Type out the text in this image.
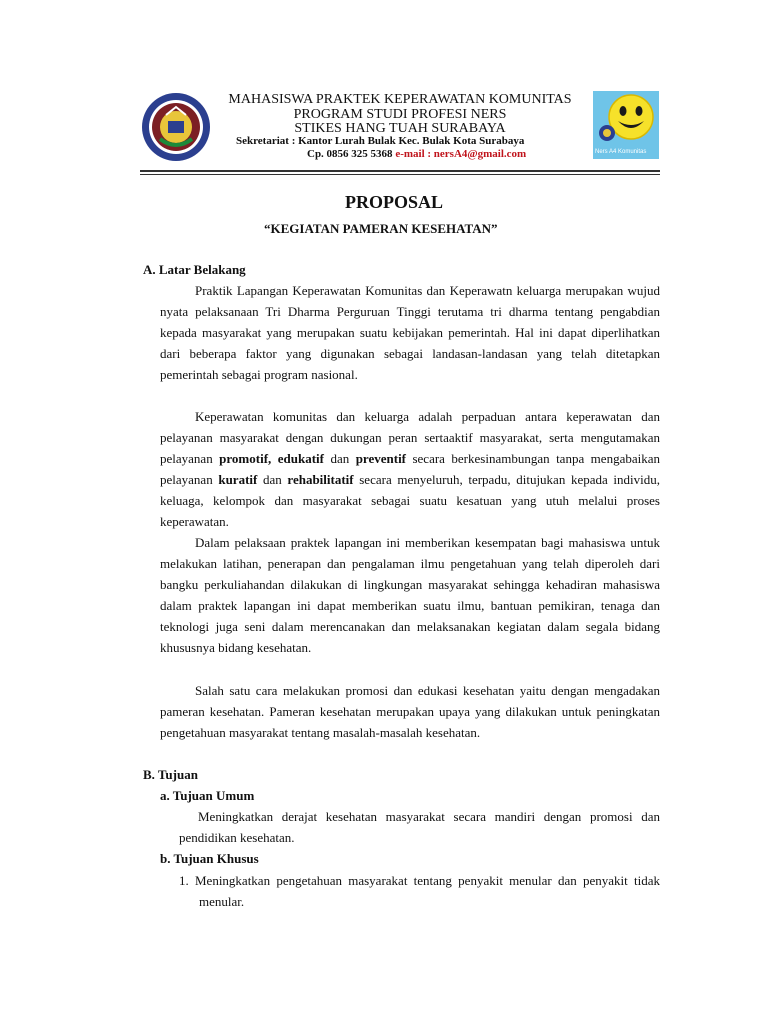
MAHASISWA PRAKTEK KEPERAWATAN KOMUNITAS
PROGRAM STUDI PROFESI NERS
STIKES HANG TUAH SURABAYA
Sekretariat : Kantor Lurah Bulak Kec. Bulak Kota Surabaya
Cp. 0856 325 5368 e-mail : nersA4@gmail.com	Ners A4 Komunitas
PROPOSAL
“KEGIATAN PAMERAN KESEHATAN”
A. Latar Belakang
Praktik Lapangan Keperawatan Komunitas dan Keperawatn keluarga merupakan wujud nyata pelaksanaan Tri Dharma Perguruan Tinggi terutama tri dharma tentang pengabdian kepada masyarakat yang merupakan suatu kebijakan pemerintah. Hal ini dapat diperlihatkan dari beberapa faktor yang digunakan sebagai landasan-landasan yang telah ditetapkan pemerintah sebagai program nasional.
Keperawatan komunitas dan keluarga adalah perpaduan antara keperawatan dan pelayanan masyarakat dengan dukungan peran sertaaktif masyarakat, serta mengutamakan pelayanan promotif, edukatif dan preventif secara berkesinambungan tanpa mengabaikan pelayanan kuratif dan rehabilitatif secara menyeluruh, terpadu, ditujukan kepada individu, keluaga, kelompok dan masyarakat sebagai suatu kesatuan yang utuh melalui proses keperawatan.
Dalam pelaksaan praktek lapangan ini memberikan kesempatan bagi mahasiswa untuk melakukan latihan, penerapan dan pengalaman ilmu pengetahuan yang telah diperoleh dari bangku perkuliahandan dilakukan di lingkungan masyarakat sehingga kehadiran mahasiswa dalam praktek lapangan ini dapat memberikan suatu ilmu, bantuan pemikiran, tenaga dan teknologi juga seni dalam merencanakan dan melaksanakan kegiatan dalam segala bidang khususnya bidang kesehatan.
Salah satu cara melakukan promosi dan edukasi kesehatan yaitu dengan mengadakan pameran kesehatan. Pameran kesehatan merupakan upaya yang dilakukan untuk peningkatan pengetahuan masyarakat tentang masalah-masalah kesehatan.
B. Tujuan
a. Tujuan Umum
Meningkatkan derajat kesehatan masyarakat secara mandiri dengan promosi dan pendidikan kesehatan.
b. Tujuan Khusus
1. Meningkatkan pengetahuan masyarakat tentang penyakit menular dan penyakit tidak menular.
